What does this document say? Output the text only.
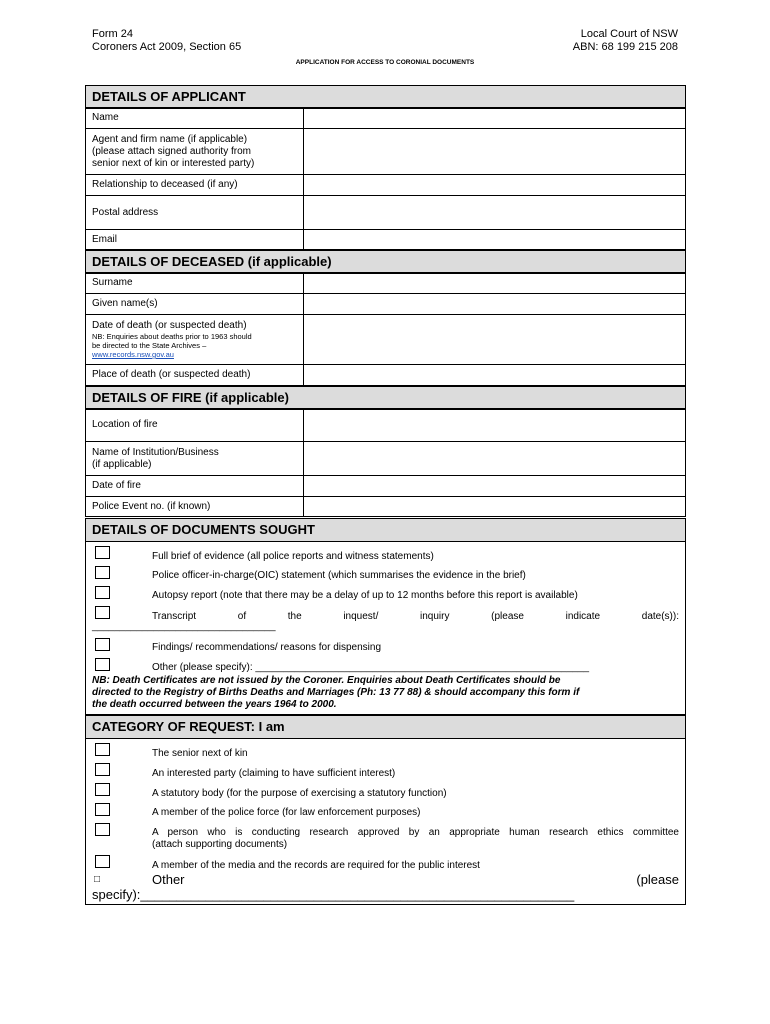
Form 24
Coroners Act 2009, Section 65
Local Court of NSW
ABN: 68 199 215 208
APPLICATION FOR ACCESS TO CORONIAL DOCUMENTS
DETAILS OF APPLICANT
Name	
Agent and firm name (if applicable)
(please attach signed authority from
senior next of kin or interested party)	
Relationship to deceased (if any)	
Postal address	
Email	
DETAILS OF DECEASED (if applicable)
Surname	
Given name(s)	
Date of death (or suspected death)
NB: Enquiries about deaths prior to 1963 should
be directed to the State Archives –
www.records.nsw.gov.au	

Place of death (or suspected death)	
DETAILS OF FIRE (if applicable)
Location of fire	
Name of Institution/Business
(if applicable)	
Date of fire	
Police Event no. (if known)	
DETAILS OF DOCUMENTS SOUGHT
Full brief of evidence (all police reports and witness statements)
Police officer-in-charge(OIC) statement (which summarises the evidence in the brief)
Autopsy report (note that there may be a delay of up to 12 months before this report is available)
Transcript of the inquest/ inquiry (please indicate date(s)):
_________________________________
Findings/ recommendations/ reasons for dispensing
Other (please specify): ____________________________________________________________
NB: Death Certificates are not issued by the Coroner. Enquiries about Death Certificates should be
directed to the Registry of Births Deaths and Marriages (Ph: 13 77 88) & should accompany this form if
the death occurred between the years 1964 to 2000.
CATEGORY OF REQUEST: I am
The senior next of kin
An interested party (claiming to have sufficient interest)
A statutory body (for the purpose of exercising a statutory function)
A member of the police force (for law enforcement purposes)
A person who is conducting research approved by an appropriate human research ethics committee
(attach supporting documents)
A member of the media and the records are required for the public interest
□	Other	(please
specify):____________________________________________________________
